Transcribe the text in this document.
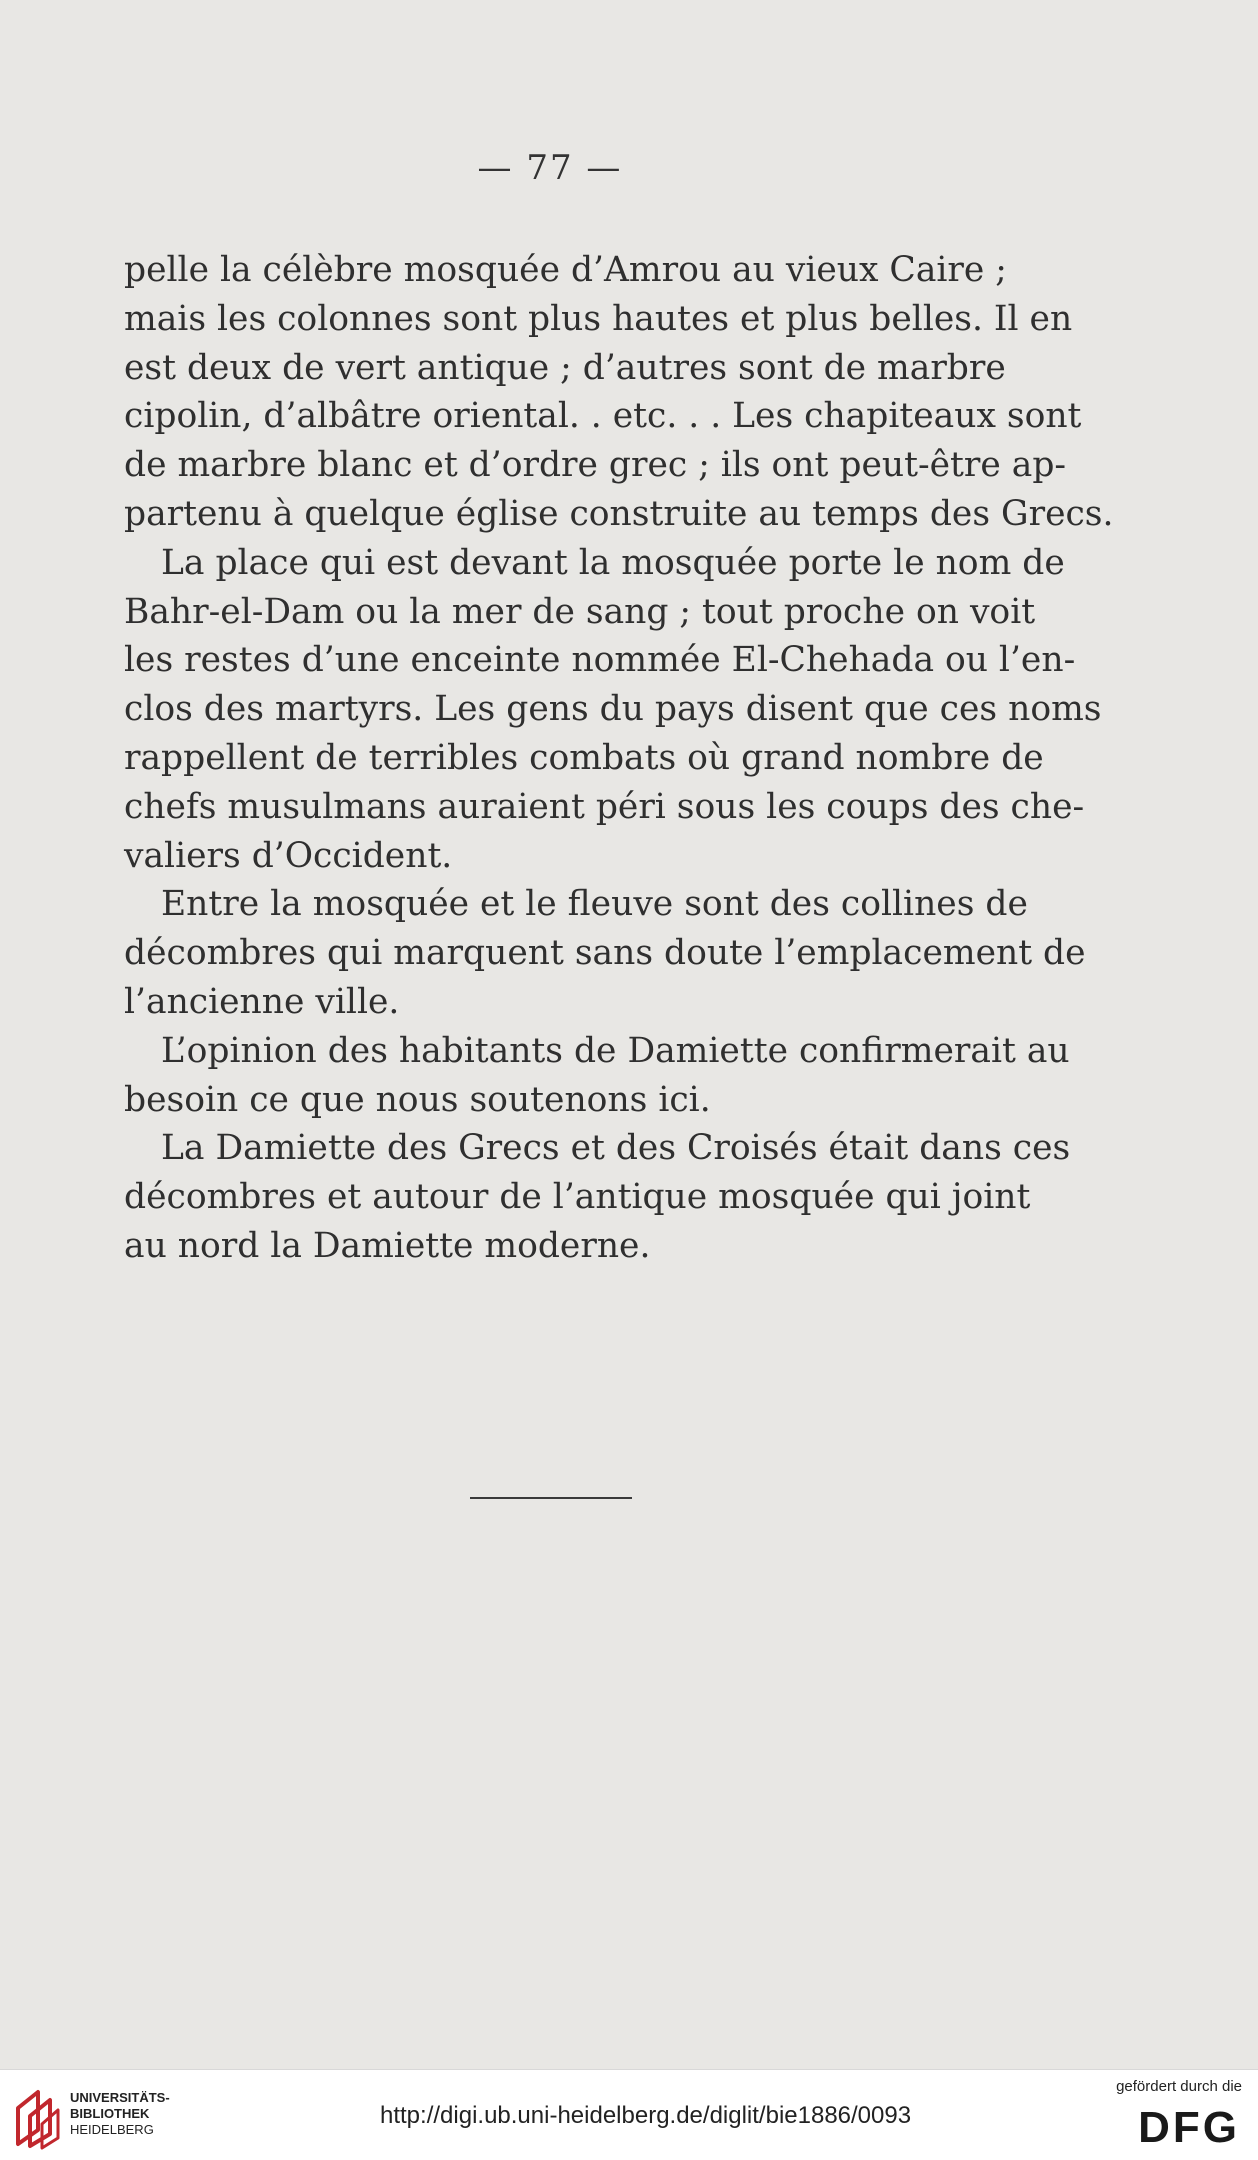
— 77 —
pelle la célèbre mosquée d’Amrou au vieux Caire ;
mais les colonnes sont plus hautes et plus belles. Il en
est deux de vert antique ; d’autres sont de marbre
cipolin, d’albâtre oriental. . etc. . . Les chapiteaux sont
de marbre blanc et d’ordre grec ; ils ont peut-être ap-
partenu à quelque église construite au temps des Grecs.
La place qui est devant la mosquée porte le nom de
Bahr-el-Dam ou la mer de sang ; tout proche on voit
les restes d’une enceinte nommée El-Chehada ou l’en-
clos des martyrs. Les gens du pays disent que ces noms
rappellent de terribles combats où grand nombre de
chefs musulmans auraient péri sous les coups des che-
valiers d’Occident.
Entre la mosquée et le fleuve sont des collines de
décombres qui marquent sans doute l’emplacement de
l’ancienne ville.
L’opinion des habitants de Damiette confirmerait au
besoin ce que nous soutenons ici.
La Damiette des Grecs et des Croisés était dans ces
décombres et autour de l’antique mosquée qui joint
au nord la Damiette moderne.
UNIVERSITÄTS-
BIBLIOTHEK
HEIDELBERG
http://digi.ub.uni-heidelberg.de/diglit/bie1886/0093
gefördert durch die
DFG
